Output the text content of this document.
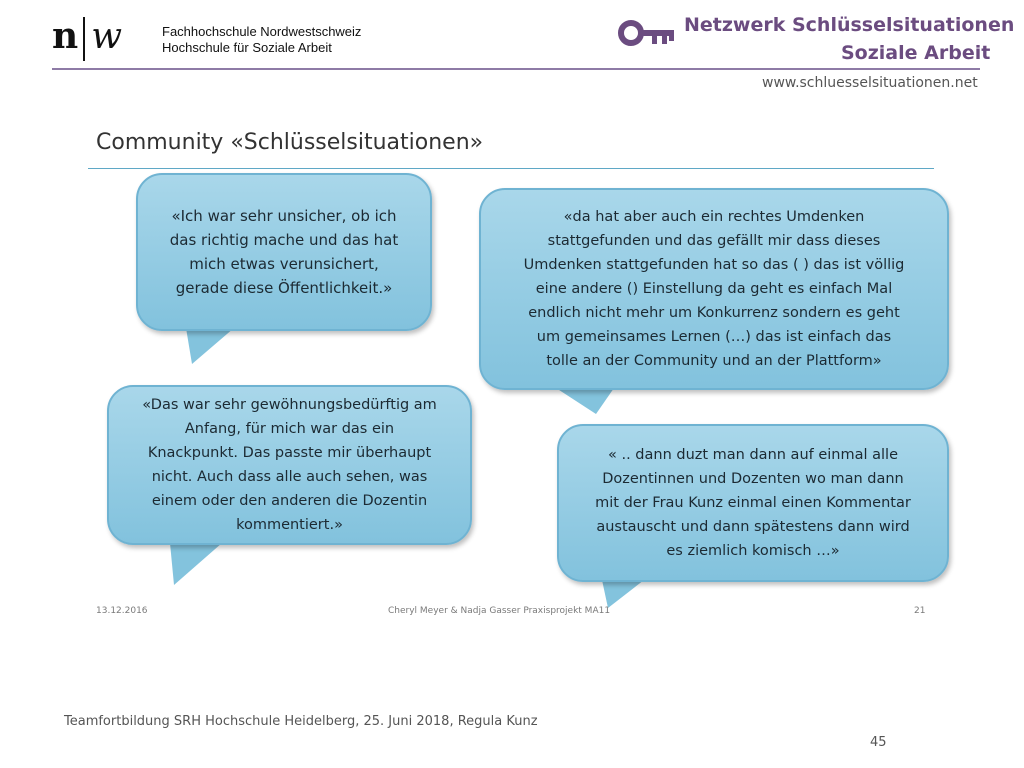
n w	Fachhochschule Nordwestschweiz
Hochschule für Soziale Arbeit
Netzwerk Schlüsselsituationen
Soziale Arbeit
www.schluesselsituationen.net
Community «Schlüsselsituationen»
«Ich war sehr unsicher, ob ich
das richtig mache und das hat
mich etwas verunsichert,
gerade diese Öffentlichkeit.»
«da hat aber auch ein rechtes Umdenken
stattgefunden und das gefällt mir dass dieses
Umdenken stattgefunden hat so das ( ) das ist völlig
eine andere () Einstellung da geht es einfach Mal
endlich nicht mehr um Konkurrenz sondern es geht
um gemeinsames Lernen (…) das ist einfach das
tolle an der Community und an der Plattform»
«Das war sehr gewöhnungsbedürftig am
Anfang, für mich war das ein
Knackpunkt. Das passte mir überhaupt
nicht. Auch dass alle auch sehen, was
einem oder den anderen die Dozentin
kommentiert.»
« .. dann duzt man dann auf einmal alle
Dozentinnen und Dozenten wo man dann
mit der Frau Kunz einmal einen Kommentar
austauscht und dann spätestens dann wird
es ziemlich komisch …»
13.12.2016	Cheryl Meyer & Nadja Gasser Praxisprojekt MA11	21
Teamfortbildung SRH Hochschule Heidelberg, 25. Juni 2018, Regula Kunz
45
